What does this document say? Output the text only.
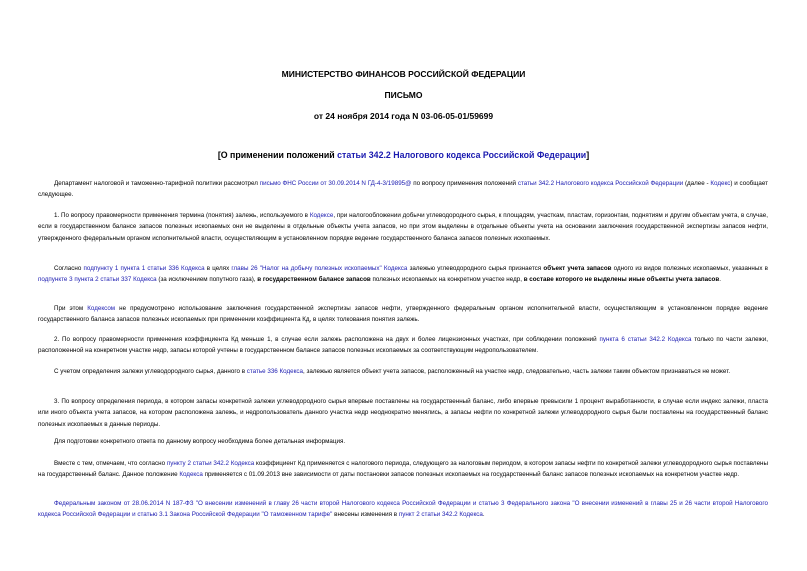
МИНИСТЕРСТВО ФИНАНСОВ РОССИЙСКОЙ ФЕДЕРАЦИИ
ПИСЬМО
от 24 ноября 2014 года N 03-06-05-01/59699
[О применении положений статьи 342.2 Налогового кодекса Российской Федерации]

Департамент налоговой и таможенно-тарифной политики рассмотрел письмо ФНС России от 30.09.2014 N ГД-4-3/19895@ по вопросу применения положений статьи 342.2 Налогового кодекса Российской Федерации (далее - Кодекс) и сообщает следующее.

1. По вопросу правомерности применения термина (понятия) залежь, используемого в Кодексе, при налогообложении добычи углеводородного сырья, к площадям, участкам, пластам, горизонтам, поднятиям и другим объектам учета, в случае, если в государственном балансе запасов полезных ископаемых они не выделены в отдельные объекты учета запасов, но при этом выделены в отдельные объекты учета на основании заключения государственной экспертизы запасов нефти, утвержденного федеральным органом исполнительной власти, осуществляющим в установленном порядке ведение государственного баланса запасов полезных ископаемых.

Согласно подпункту 1 пункта 1 статьи 336 Кодекса в целях главы 26 "Налог на добычу полезных ископаемых" Кодекса залежью углеводородного сырья признается объект учета запасов одного из видов полезных ископаемых, указанных в подпункте 3 пункта 2 статьи 337 Кодекса (за исключением попутного газа), в государственном балансе запасов полезных ископаемых на конкретном участке недр, в составе которого не выделены иные объекты учета запасов.

При этом Кодексом не предусмотрено использование заключения государственной экспертизы запасов нефти, утвержденного федеральным органом исполнительной власти, осуществляющим в установленном порядке ведение государственного баланса запасов полезных ископаемых при применении коэффициента Кд, в целях толкования понятия залежь.

2. По вопросу правомерности применения коэффициента Кд меньше 1, в случае если залежь расположена на двух и более лицензионных участках, при соблюдении положений пункта 6 статьи 342.2 Кодекса только по части залежи, расположенной на конкретном участке недр, запасы которой учтены в государственном балансе запасов полезных ископаемых за соответствующим недропользователем.

С учетом определения залежи углеводородного сырья, данного в статье 336 Кодекса, залежью является объект учета запасов, расположенный на участке недр, следовательно, часть залежи таким объектом признаваться не может.

3. По вопросу определения периода, в котором запасы конкретной залежи углеводородного сырья впервые поставлены на государственный баланс, либо впервые превысили 1 процент выработанности, в случае если индекс залежи, пласта или иного объекта учета запасов, на котором расположена залежь, и недропользователь данного участка недр неоднократно менялись, а запасы нефти по конкретной залежи углеводородного сырья были поставлены на государственный баланс полезных ископаемых в данные периоды.

Для подготовки конкретного ответа по данному вопросу необходима более детальная информация.

Вместе с тем, отмечаем, что согласно пункту 2 статьи 342.2 Кодекса коэффициент Кд применяется с налогового периода, следующего за налоговым периодом, в котором запасы нефти по конкретной залежи углеводородного сырья поставлены на государственный баланс. Данное положение Кодекса применяется с 01.09.2013 вне зависимости от даты постановки запасов полезных ископаемых на государственный баланс запасов полезных ископаемых на конкретном участке недр.

Федеральным законом от 28.06.2014 N 187-ФЗ "О внесении изменений в главу 26 части второй Налогового кодекса Российской Федерации и статью 3 Федерального закона "О внесении изменений в главы 25 и 26 части второй Налогового кодекса Российской Федерации и статью 3.1 Закона Российской Федерации "О таможенном тарифе" внесены изменения в пункт 2 статьи 342.2 Кодекса.
